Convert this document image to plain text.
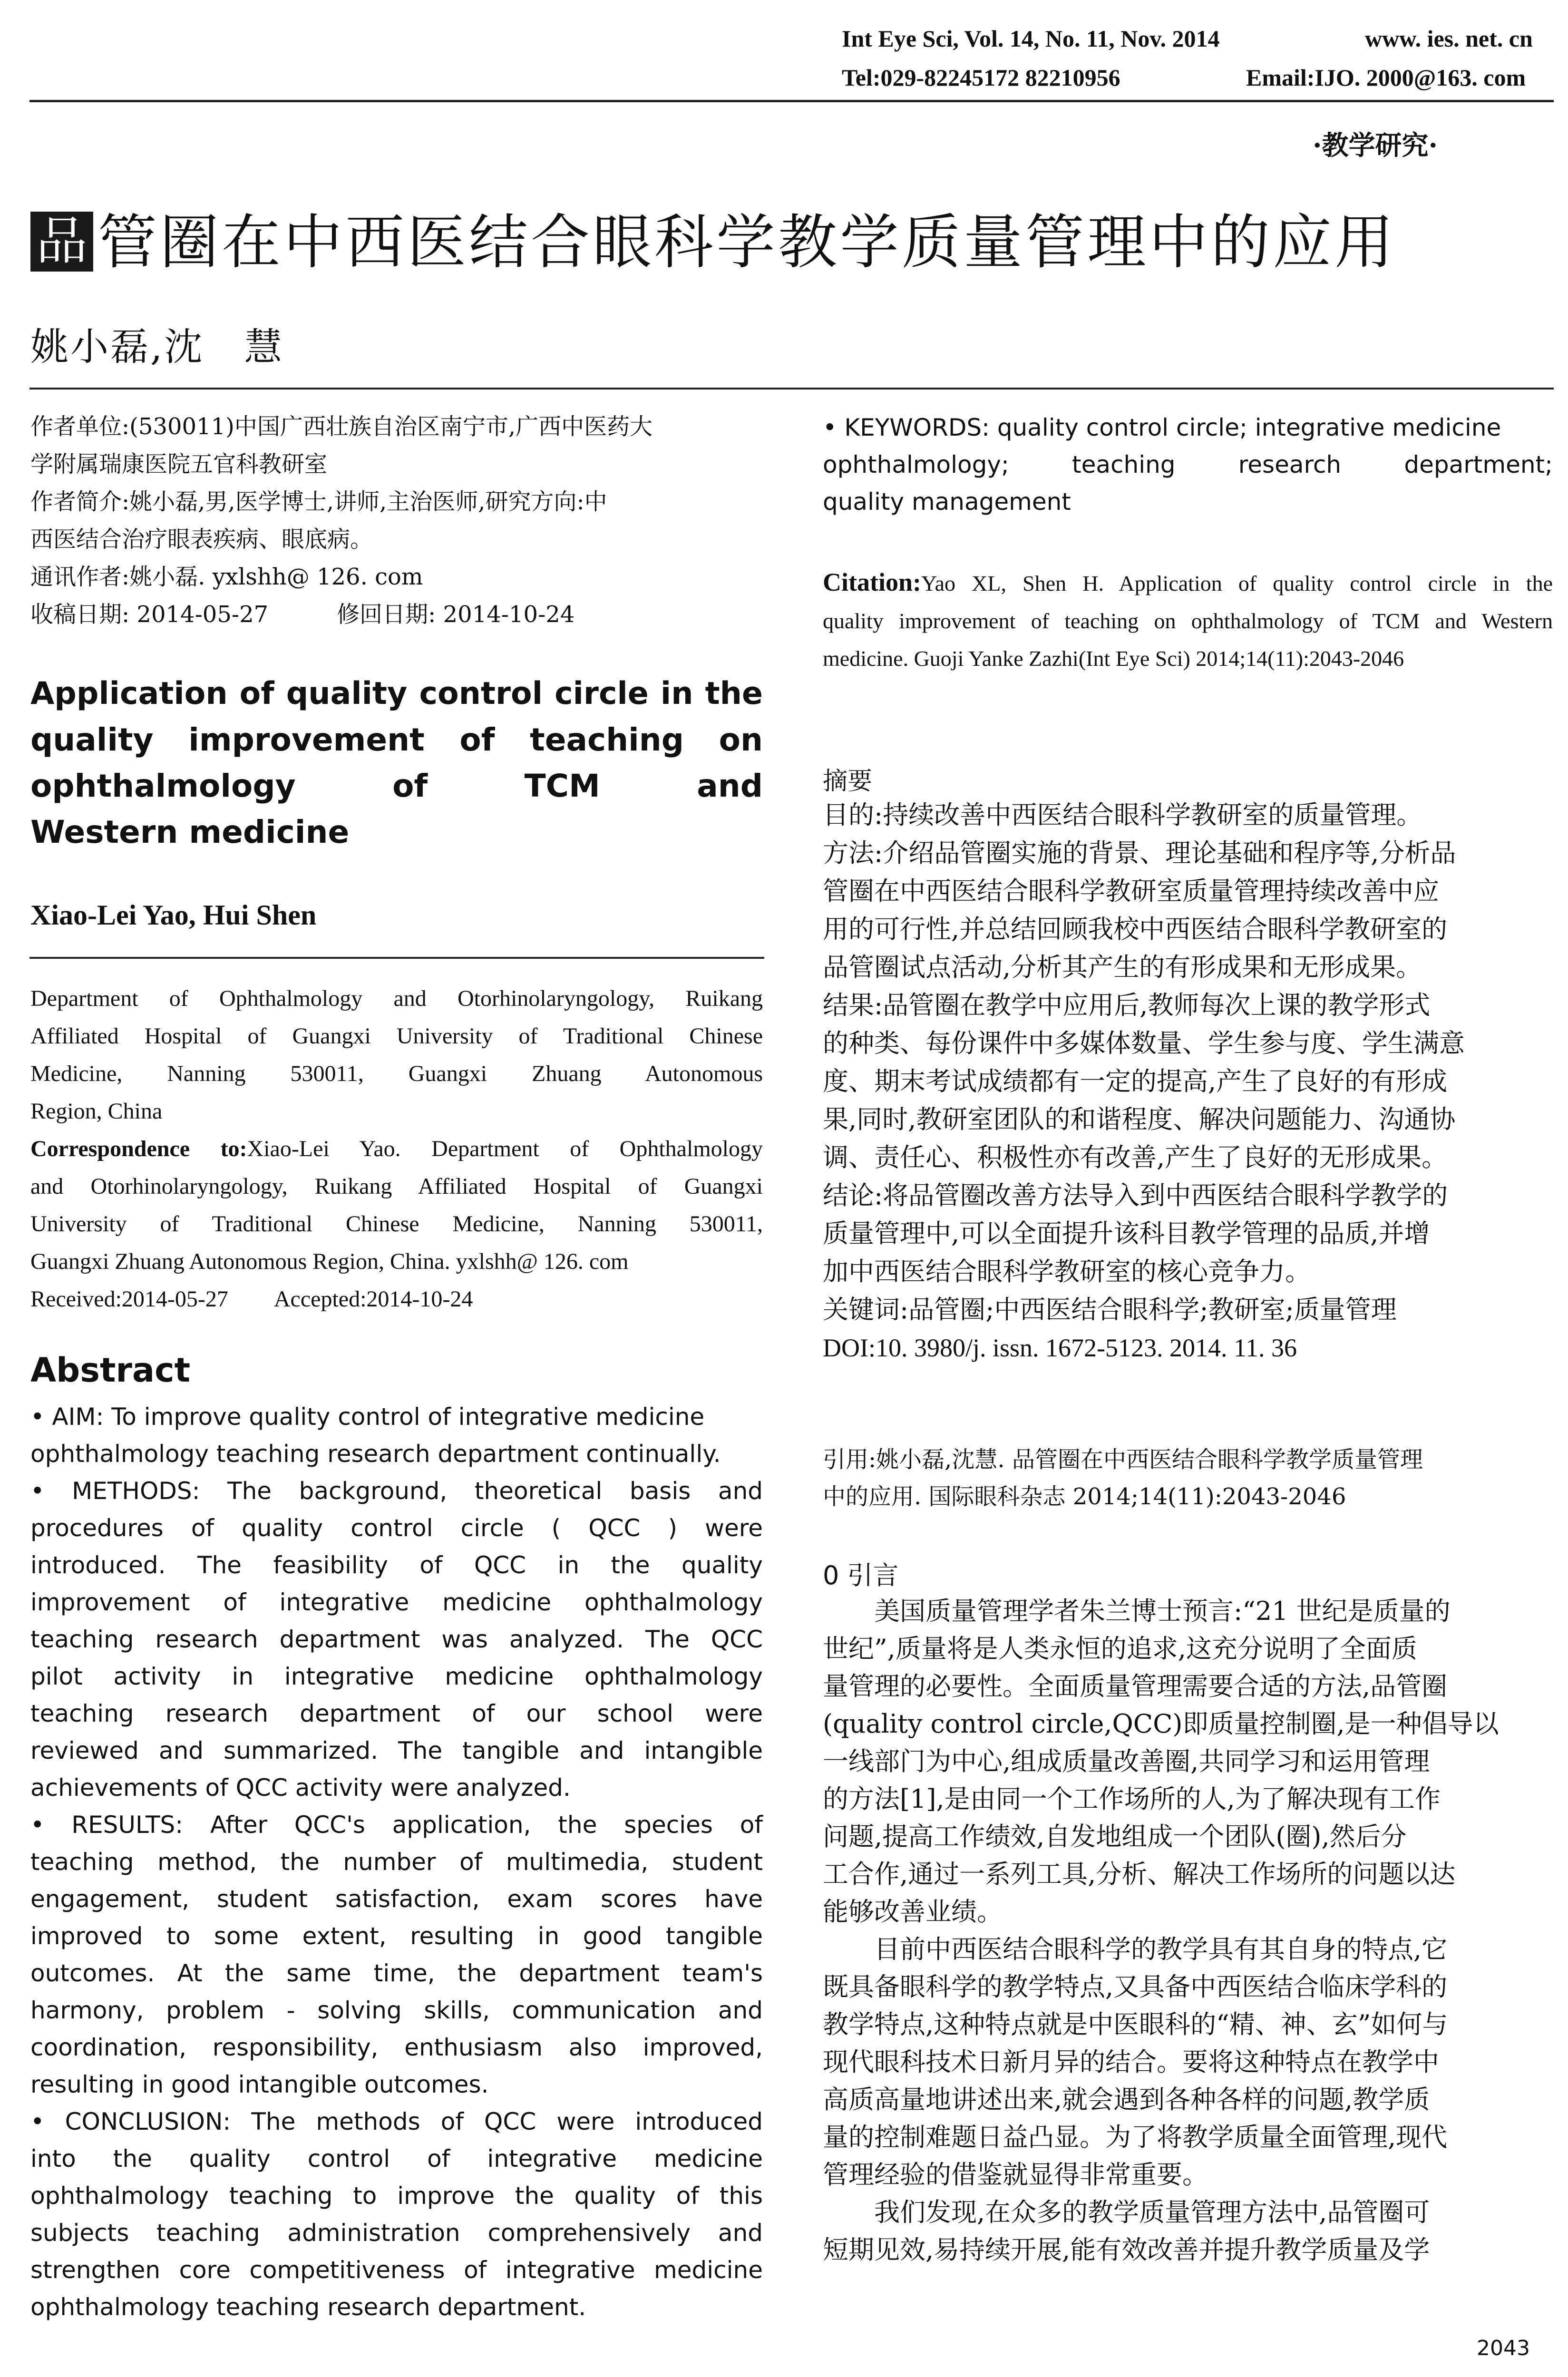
Int Eye Sci, Vol. 14, No. 11, Nov. 2014	www. ies. net. cn
Tel:029-82245172 82210956	Email:IJO. 2000@163. com
·教学研究·
品 管圈在中西医结合眼科学教学质量管理中的应用
姚小磊,沈　慧
作者单位:(530011)中国广西壮族自治区南宁市,广西中医药大
学附属瑞康医院五官科教研室
作者简介:姚小磊,男,医学博士,讲师,主治医师,研究方向:中
西医结合治疗眼表疾病、眼底病。
通讯作者:姚小磊. yxlshh@ 126. com
收稿日期: 2014-05-27　　　修回日期: 2014-10-24
Application of quality control circle in the
quality improvement of teaching on
ophthalmology of TCM and
Western medicine
Xiao-Lei Yao, Hui Shen
Department of Ophthalmology and Otorhinolaryngology, Ruikang
Affiliated Hospital of Guangxi University of Traditional Chinese
Medicine, Nanning 530011, Guangxi Zhuang Autonomous
Region, China
Correspondence to:Xiao-Lei Yao. Department of Ophthalmology
and Otorhinolaryngology, Ruikang Affiliated Hospital of Guangxi
University of Traditional Chinese Medicine, Nanning 530011,
Guangxi Zhuang Autonomous Region, China. yxlshh@ 126. com
Received:2014-05-27　　Accepted:2014-10-24
Abstract
• AIM: To improve quality control of integrative medicine
ophthalmology teaching research department continually.
• METHODS: The background, theoretical basis and
procedures of quality control circle ( QCC ) were
introduced. The feasibility of QCC in the quality
improvement of integrative medicine ophthalmology
teaching research department was analyzed. The QCC
pilot activity in integrative medicine ophthalmology
teaching research department of our school were
reviewed and summarized. The tangible and intangible
achievements of QCC activity were analyzed.
• RESULTS: After QCC's application, the species of
teaching method, the number of multimedia, student
engagement, student satisfaction, exam scores have
improved to some extent, resulting in good tangible
outcomes. At the same time, the department team's
harmony, problem - solving skills, communication and
coordination, responsibility, enthusiasm also improved,
resulting in good intangible outcomes.
• CONCLUSION: The methods of QCC were introduced
into the quality control of integrative medicine
ophthalmology teaching to improve the quality of this
subjects teaching administration comprehensively and
strengthen core competitiveness of integrative medicine
ophthalmology teaching research department.
• KEYWORDS: quality control circle; integrative medicine
ophthalmology; teaching research department;
quality management
Citation:Yao XL, Shen H. Application of quality control circle in the
quality improvement of teaching on ophthalmology of TCM and Western
medicine. Guoji Yanke Zazhi(Int Eye Sci) 2014;14(11):2043-2046
摘要
目的:持续改善中西医结合眼科学教研室的质量管理。
方法:介绍品管圈实施的背景、理论基础和程序等,分析品
管圈在中西医结合眼科学教研室质量管理持续改善中应
用的可行性,并总结回顾我校中西医结合眼科学教研室的
品管圈试点活动,分析其产生的有形成果和无形成果。
结果:品管圈在教学中应用后,教师每次上课的教学形式
的种类、每份课件中多媒体数量、学生参与度、学生满意
度、期末考试成绩都有一定的提高,产生了良好的有形成
果,同时,教研室团队的和谐程度、解决问题能力、沟通协
调、责任心、积极性亦有改善,产生了良好的无形成果。
结论:将品管圈改善方法导入到中西医结合眼科学教学的
质量管理中,可以全面提升该科目教学管理的品质,并增
加中西医结合眼科学教研室的核心竞争力。
关键词:品管圈;中西医结合眼科学;教研室;质量管理
DOI:10. 3980/j. issn. 1672-5123. 2014. 11. 36
引用:姚小磊,沈慧. 品管圈在中西医结合眼科学教学质量管理
中的应用. 国际眼科杂志 2014;14(11):2043-2046
0 引言
　　美国质量管理学者朱兰博士预言:“21 世纪是质量的
世纪”,质量将是人类永恒的追求,这充分说明了全面质
量管理的必要性。全面质量管理需要合适的方法,品管圈
(quality control circle,QCC)即质量控制圈,是一种倡导以
一线部门为中心,组成质量改善圈,共同学习和运用管理
的方法[1],是由同一个工作场所的人,为了解决现有工作
问题,提高工作绩效,自发地组成一个团队(圈),然后分
工合作,通过一系列工具,分析、解决工作场所的问题以达
能够改善业绩。
　　目前中西医结合眼科学的教学具有其自身的特点,它
既具备眼科学的教学特点,又具备中西医结合临床学科的
教学特点,这种特点就是中医眼科的“精、神、玄”如何与
现代眼科技术日新月异的结合。要将这种特点在教学中
高质高量地讲述出来,就会遇到各种各样的问题,教学质
量的控制难题日益凸显。为了将教学质量全面管理,现代
管理经验的借鉴就显得非常重要。
　　我们发现,在众多的教学质量管理方法中,品管圈可
短期见效,易持续开展,能有效改善并提升教学质量及学
2043
